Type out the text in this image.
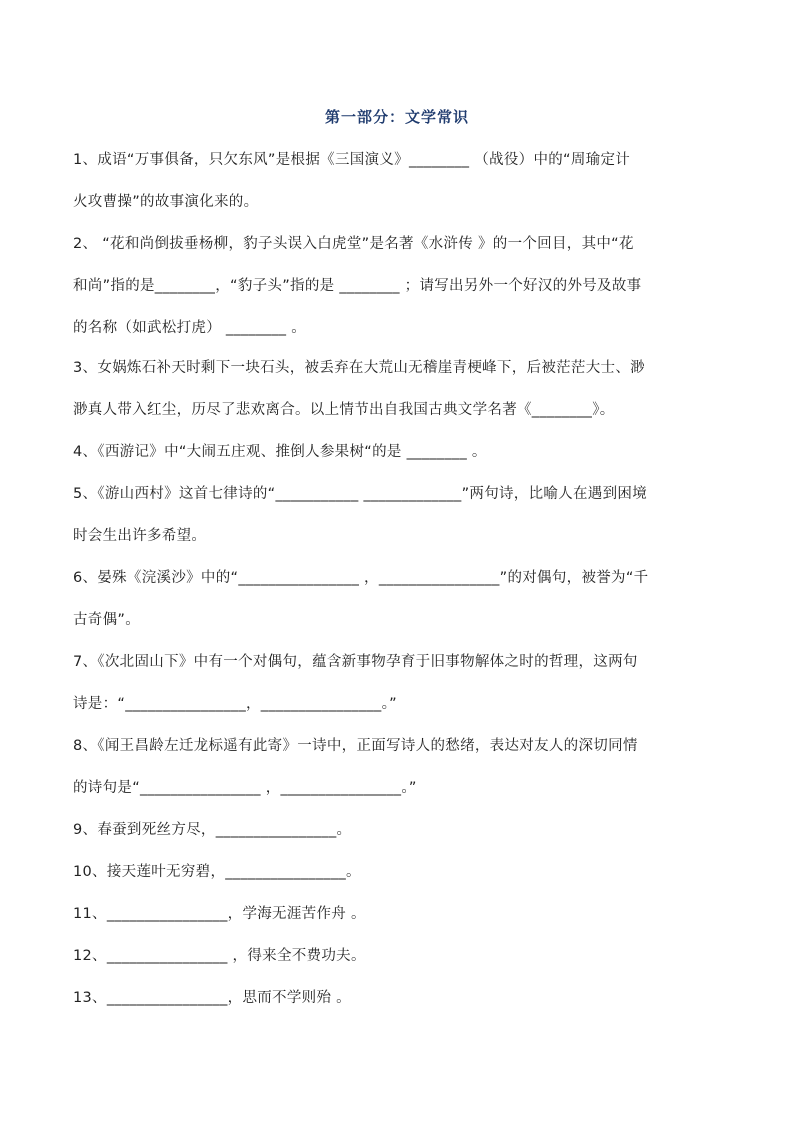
第一部分：文学常识
1、成语“万事俱备，只欠东风”是根据《三国演义》________ （战役）中的“周瑜定计
火攻曹操”的故事演化来的。
2、 “花和尚倒拔垂杨柳，豹子头误入白虎堂”是名著《水浒传 》的一个回目，其中“花
和尚”指的是________，“豹子头”指的是 ________ ；请写出另外一个好汉的外号及故事
的名称（如武松打虎） ________ 。
3、女娲炼石补天时剩下一块石头，被丢弃在大荒山无稽崖青梗峰下，后被茫茫大士、渺
渺真人带入红尘，历尽了悲欢离合。以上情节出自我国古典文学名著《________》。
4、《西游记》中“大闹五庄观、推倒人参果树“的是 ________ 。
5、《游山西村》这首七律诗的“___________ _____________”两句诗，比喻人在遇到困境
时会生出许多希望。
6、晏殊《浣溪沙》中的“________________ ，________________”的对偶句，被誉为“千
古奇偶”。
7、《次北固山下》中有一个对偶句，蕴含新事物孕育于旧事物解体之时的哲理，这两句
诗是：“________________，________________。”
8、《闻王昌龄左迁龙标遥有此寄》一诗中，正面写诗人的愁绪，表达对友人的深切同情
的诗句是“________________ ，________________。”
9、春蚕到死丝方尽，________________。
10、接天莲叶无穷碧，________________。
11、________________，学海无涯苦作舟 。
12、________________ ，得来全不费功夫。
13、________________，思而不学则殆 。
